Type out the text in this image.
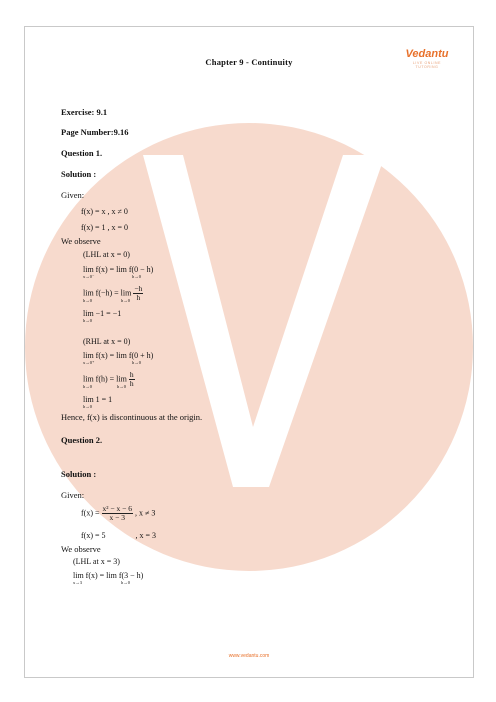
Chapter 9 - Continuity
Vedantu
LIVE ONLINE TUTORING
Exercise: 9.1
Page Number:9.16
Question 1.
Solution :
Given:
f(x) = x , x ≠ 0
f(x) = 1 , x = 0
We observe
(LHL at x = 0)
lim f(x) = lim f(0 − h)
x→0⁻	h→0
$\lim f(-h) = \lim \frac{-h}{h}$
h→0	h→0
lim −1 = −1
h→0
(RHL at x = 0)
lim f(x) = lim f(0 + h)
x→0⁺	h→0
$\lim f(h) = \lim \frac{h}{h}$
h→0	h→0
lim 1 = 1
h→0
Hence, f(x) is discontinuous at the origin.
Question 2.
Solution :
Given:
$f(x) = \frac{\text{x² − x − 6}}{x - 3}$ , x ≠ 3
f(x) = 5	, x = 3
We observe
(LHL at x = 3)
lim f(x) = lim f(3 − h)
x→3	h→0
www.vedantu.com
